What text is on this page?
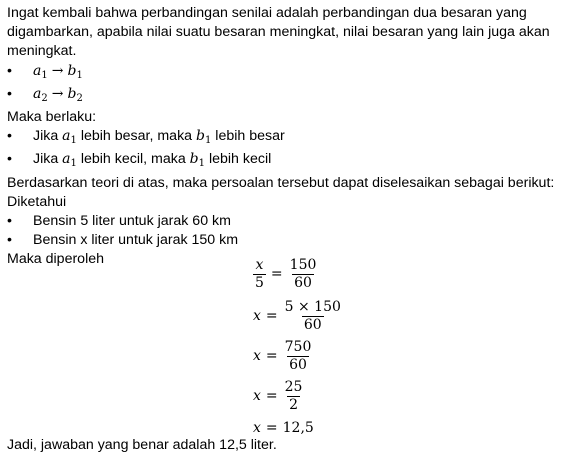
Ingat kembali bahwa perbandingan senilai adalah perbandingan dua besaran yang digambarkan, apabila nilai suatu besaran meningkat, nilai besaran yang lain juga akan meningkat.

•	$a_1 \to b_1$

•	$a_2 \to b_2$

Maka berlaku:

•	Jika $a_1$ lebih besar, maka $b_1$ lebih besar

•	Jika $a_1$ lebih kecil, maka $b_1$ lebih kecil

Berdasarkan teori di atas, maka persoalan tersebut dapat diselesaikan sebagai berikut:

Diketahui

•	Bensin 5 liter untuk jarak 60 km

•	Bensin x liter untuk jarak 150 km

Maka diperoleh	$\frac{x}{5} = \frac{150}{60}$
$x = \frac{5 \times 150}{60}$
$x = \frac{750}{60}$
$x = \frac{25}{2}$
x = 12,5

Jadi, jawaban yang benar adalah 12,5 liter.
